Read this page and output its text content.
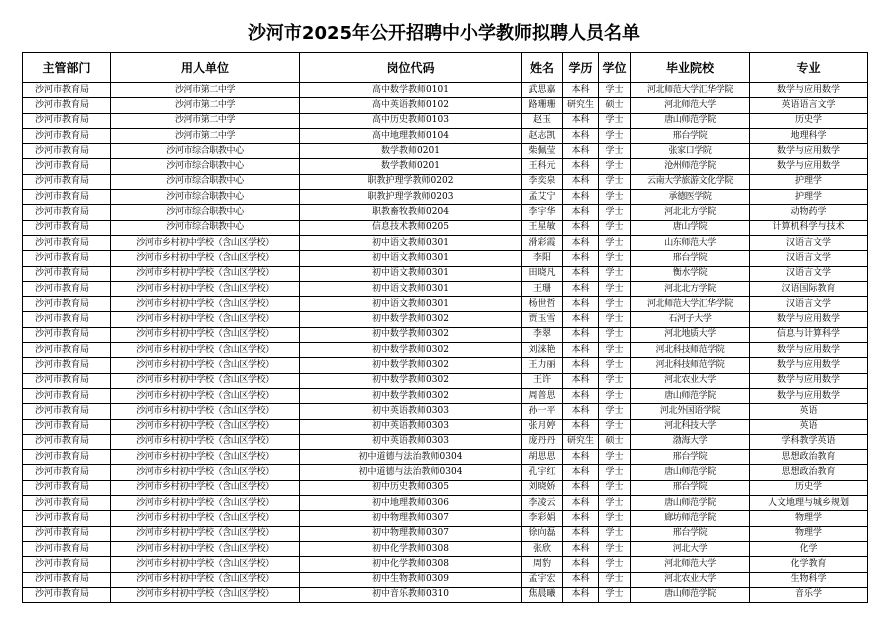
沙河市2025年公开招聘中小学教师拟聘人员名单
主管部门	用人单位	岗位代码	姓名	学历	学位	毕业院校	专业
沙河市教育局	沙河市第二中学	高中数学教师0101	武思嘉	本科	学士	河北师范大学汇华学院	数学与应用数学
沙河市教育局	沙河市第二中学	高中英语教师0102	路珊珊	研究生	硕士	河北师范大学	英语语言文学
沙河市教育局	沙河市第二中学	高中历史教师0103	赵玉	本科	学士	唐山师范学院	历史学
沙河市教育局	沙河市第二中学	高中地理教师0104	赵志凯	本科	学士	邢台学院	地理科学
沙河市教育局	沙河市综合职教中心	数学教师0201	柴佩莹	本科	学士	张家口学院	数学与应用数学
沙河市教育局	沙河市综合职教中心	数学教师0201	王科元	本科	学士	沧州师范学院	数学与应用数学
沙河市教育局	沙河市综合职教中心	职教护理学教师0202	李奕泉	本科	学士	云南大学旅游文化学院	护理学
沙河市教育局	沙河市综合职教中心	职教护理学教师0203	孟艾宁	本科	学士	承德医学院	护理学
沙河市教育局	沙河市综合职教中心	职教畜牧教师0204	李宇华	本科	学士	河北北方学院	动物药学
沙河市教育局	沙河市综合职教中心	信息技术教师0205	王星敏	本科	学士	唐山学院	计算机科学与技术
沙河市教育局	沙河市乡村初中学校（含山区学校）	初中语文教师0301	滑彩霞	本科	学士	山东师范大学	汉语言文学
沙河市教育局	沙河市乡村初中学校（含山区学校）	初中语文教师0301	李阳	本科	学士	邢台学院	汉语言文学
沙河市教育局	沙河市乡村初中学校（含山区学校）	初中语文教师0301	田晓凡	本科	学士	衡水学院	汉语言文学
沙河市教育局	沙河市乡村初中学校（含山区学校）	初中语文教师0301	王珊	本科	学士	河北北方学院	汉语国际教育
沙河市教育局	沙河市乡村初中学校（含山区学校）	初中语文教师0301	杨世哲	本科	学士	河北师范大学汇华学院	汉语言文学
沙河市教育局	沙河市乡村初中学校（含山区学校）	初中数学教师0302	贾玉雪	本科	学士	石河子大学	数学与应用数学
沙河市教育局	沙河市乡村初中学校（含山区学校）	初中数学教师0302	李翠	本科	学士	河北地质大学	信息与计算科学
沙河市教育局	沙河市乡村初中学校（含山区学校）	初中数学教师0302	刘涞艳	本科	学士	河北科技师范学院	数学与应用数学
沙河市教育局	沙河市乡村初中学校（含山区学校）	初中数学教师0302	王力丽	本科	学士	河北科技师范学院	数学与应用数学
沙河市教育局	沙河市乡村初中学校（含山区学校）	初中数学教师0302	王许	本科	学士	河北农业大学	数学与应用数学
沙河市教育局	沙河市乡村初中学校（含山区学校）	初中数学教师0302	周普思	本科	学士	唐山师范学院	数学与应用数学
沙河市教育局	沙河市乡村初中学校（含山区学校）	初中英语教师0303	孙一平	本科	学士	河北外国语学院	英语
沙河市教育局	沙河市乡村初中学校（含山区学校）	初中英语教师0303	张月婷	本科	学士	河北科技大学	英语
沙河市教育局	沙河市乡村初中学校（含山区学校）	初中英语教师0303	庞丹丹	研究生	硕士	渤海大学	学科教学英语
沙河市教育局	沙河市乡村初中学校（含山区学校）	初中道德与法治教师0304	胡思思	本科	学士	邢台学院	思想政治教育
沙河市教育局	沙河市乡村初中学校（含山区学校）	初中道德与法治教师0304	孔宇红	本科	学士	唐山师范学院	思想政治教育
沙河市教育局	沙河市乡村初中学校（含山区学校）	初中历史教师0305	刘晓娇	本科	学士	邢台学院	历史学
沙河市教育局	沙河市乡村初中学校（含山区学校）	初中地理教师0306	李凌云	本科	学士	唐山师范学院	人文地理与城乡规划
沙河市教育局	沙河市乡村初中学校（含山区学校）	初中物理教师0307	李彩娟	本科	学士	廊坊师范学院	物理学
沙河市教育局	沙河市乡村初中学校（含山区学校）	初中物理教师0307	徐向磊	本科	学士	邢台学院	物理学
沙河市教育局	沙河市乡村初中学校（含山区学校）	初中化学教师0308	张欣	本科	学士	河北大学	化学
沙河市教育局	沙河市乡村初中学校（含山区学校）	初中化学教师0308	周豹	本科	学士	河北师范大学	化学教育
沙河市教育局	沙河市乡村初中学校（含山区学校）	初中生物教师0309	孟宇宏	本科	学士	河北农业大学	生物科学
沙河市教育局	沙河市乡村初中学校（含山区学校）	初中音乐教师0310	焦晨曦	本科	学士	唐山师范学院	音乐学
